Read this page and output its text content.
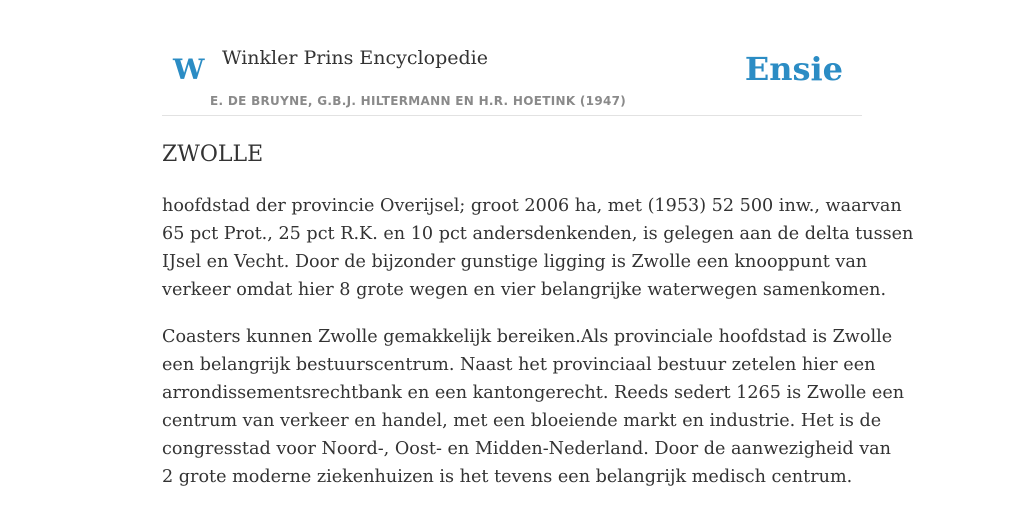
W Winkler Prins Encyclopedie
E. DE BRUYNE, G.B.J. HILTERMANN EN H.R. HOETINK (1947)
Ensie
ZWOLLE

hoofdstad der provincie Overijsel; groot 2006 ha, met (1953) 52 500 inw., waarvan
65 pct Prot., 25 pct R.K. en 10 pct andersdenkenden, is gelegen aan de delta tussen
IJsel en Vecht. Door de bijzonder gunstige ligging is Zwolle een knooppunt van
verkeer omdat hier 8 grote wegen en vier belangrijke waterwegen samenkomen.

Coasters kunnen Zwolle gemakkelijk bereiken.Als provinciale hoofdstad is Zwolle
een belangrijk bestuurscentrum. Naast het provinciaal bestuur zetelen hier een
arrondissementsrechtbank en een kantongerecht. Reeds sedert 1265 is Zwolle een
centrum van verkeer en handel, met een bloeiende markt en industrie. Het is de
congresstad voor Noord-, Oost- en Midden-Nederland. Door de aanwezigheid van
2 grote moderne ziekenhuizen is het tevens een belangrijk medisch centrum.
